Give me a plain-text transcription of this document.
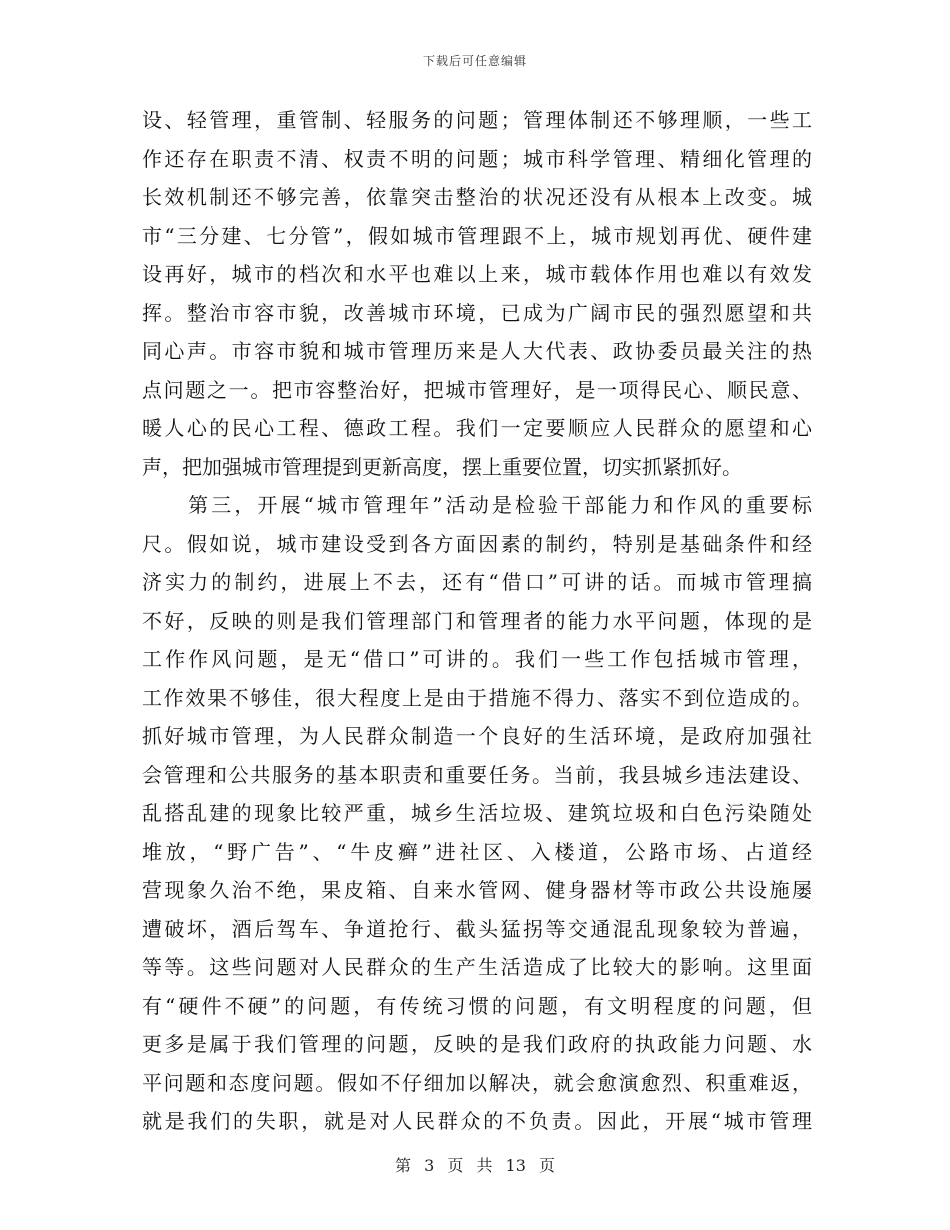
下载后可任意编辑
设、轻管理，重管制、轻服务的问题；管理体制还不够理顺，一些工
作还存在职责不清、权责不明的问题；城市科学管理、精细化管理的
长效机制还不够完善，依靠突击整治的状况还没有从根本上改变。城
市“三分建、七分管”，假如城市管理跟不上，城市规划再优、硬件建
设再好，城市的档次和水平也难以上来，城市载体作用也难以有效发
挥。整治市容市貌，改善城市环境，已成为广阔市民的强烈愿望和共
同心声。市容市貌和城市管理历来是人大代表、政协委员最关注的热
点问题之一。把市容整治好，把城市管理好，是一项得民心、顺民意、
暖人心的民心工程、德政工程。我们一定要顺应人民群众的愿望和心
声，把加强城市管理提到更新高度，摆上重要位置，切实抓紧抓好。
　　第三，开展“城市管理年”活动是检验干部能力和作风的重要标
尺。假如说，城市建设受到各方面因素的制约，特别是基础条件和经
济实力的制约，进展上不去，还有“借口”可讲的话。而城市管理搞
不好，反映的则是我们管理部门和管理者的能力水平问题，体现的是
工作作风问题，是无“借口”可讲的。我们一些工作包括城市管理，
工作效果不够佳，很大程度上是由于措施不得力、落实不到位造成的。
抓好城市管理，为人民群众制造一个良好的生活环境，是政府加强社
会管理和公共服务的基本职责和重要任务。当前，我县城乡违法建设、
乱搭乱建的现象比较严重，城乡生活垃圾、建筑垃圾和白色污染随处
堆放，“野广告”、“牛皮癣”进社区、入楼道，公路市场、占道经
营现象久治不绝，果皮箱、自来水管网、健身器材等市政公共设施屡
遭破坏，酒后驾车、争道抢行、截头猛拐等交通混乱现象较为普遍，
等等。这些问题对人民群众的生产生活造成了比较大的影响。这里面
有“硬件不硬”的问题，有传统习惯的问题，有文明程度的问题，但
更多是属于我们管理的问题，反映的是我们政府的执政能力问题、水
平问题和态度问题。假如不仔细加以解决，就会愈演愈烈、积重难返，
就是我们的失职，就是对人民群众的不负责。因此，开展“城市管理
第 3 页 共 13 页
